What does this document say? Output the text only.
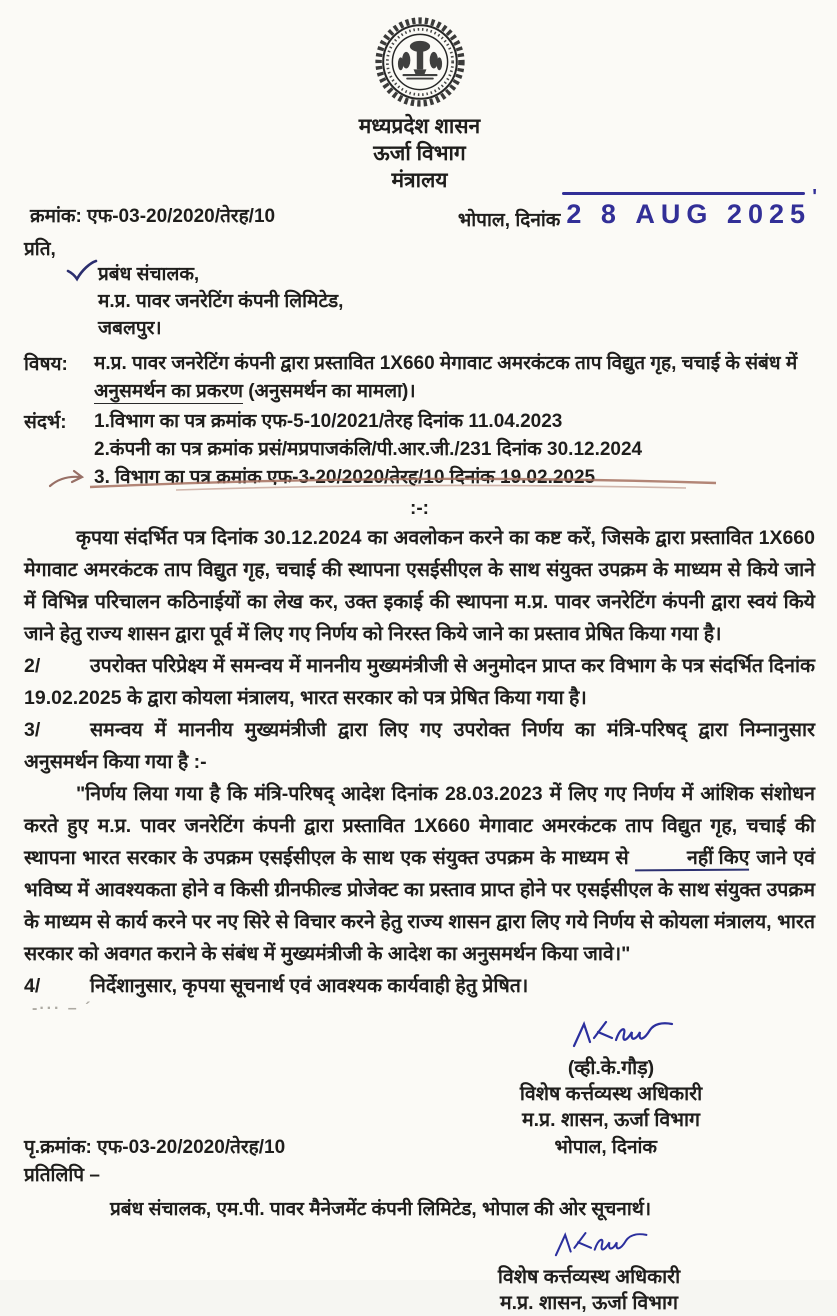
मध्यप्रदेश शासन
ऊर्जा विभाग
मंत्रालय
क्रमांक: एफ-03-20/2020/तेरह/10	भोपाल, दिनांक 2 8 AUG 2025
'
प्रति,
प्रबंध संचालक,
म.प्र. पावर जनरेटिंग कंपनी लिमिटेड,
जबलपुर।
विषय:	म.प्र. पावर जनरेटिंग कंपनी द्वारा प्रस्तावित 1X660 मेगावाट अमरकंटक ताप विद्युत गृह, चचाई के संबंध में अनुसमर्थन का प्रकरण (अनुसमर्थन का मामला)।
संदर्भ:	1.विभाग का पत्र क्रमांक एफ-5-10/2021/तेरह दिनांक 11.04.2023
2.कंपनी का पत्र क्रमांक प्रसं/मप्रपाजकंलि/पी.आर.जी./231 दिनांक 30.12.2024
3. विभाग का पत्र क्रमांक एफ-3-20/2020/तेरह/10 दिनांक 19.02.2025
:-:

कृपया संदर्भित पत्र दिनांक 30.12.2024 का अवलोकन करने का कष्ट करें, जिसके द्वारा प्रस्तावित 1X660 मेगावाट अमरकंटक ताप विद्युत गृह, चचाई की स्थापना एसईसीएल के साथ संयुक्त उपक्रम के माध्यम से किये जाने में विभिन्न परिचालन कठिनाईयों का लेख कर, उक्त इकाई की स्थापना म.प्र. पावर जनरेटिंग कंपनी द्वारा स्वयं किये जाने हेतु राज्य शासन द्वारा पूर्व में लिए गए निर्णय को निरस्त किये जाने का प्रस्ताव प्रेषित किया गया है।

2/	उपरोक्त परिप्रेक्ष्य में समन्वय में माननीय मुख्यमंत्रीजी से अनुमोदन प्राप्त कर विभाग के पत्र संदर्भित दिनांक 19.02.2025 के द्वारा कोयला मंत्रालय, भारत सरकार को पत्र प्रेषित किया गया है।

3/	समन्वय में माननीय मुख्यमंत्रीजी द्वारा लिए गए उपरोक्त निर्णय का मंत्रि-परिषद् द्वारा निम्नानुसार अनुसमर्थन किया गया है :-

"निर्णय लिया गया है कि मंत्रि-परिषद् आदेश दिनांक 28.03.2023 में लिए गए निर्णय में आंशिक संशोधन करते हुए म.प्र. पावर जनरेटिंग कंपनी द्वारा प्रस्तावित 1X660 मेगावाट अमरकंटक ताप विद्युत गृह, चचाई की स्थापना भारत सरकार के उपक्रम एसईसीएल के साथ एक संयुक्त उपक्रम के माध्यम से	नहीं किए जाने एवं भविष्य में आवश्यकता होने व किसी ग्रीनफील्ड प्रोजेक्ट का प्रस्ताव प्राप्त होने पर एसईसीएल के साथ संयुक्त उपक्रम के माध्यम से कार्य करने पर नए सिरे से विचार करने हेतु राज्य शासन द्वारा लिए गये निर्णय से कोयला मंत्रालय, भारत सरकार को अवगत कराने के संबंध में मुख्यमंत्रीजी के आदेश का अनुसमर्थन किया जावे।"

4/	निर्देशानुसार, कृपया सूचनार्थ एवं आवश्यक कार्यवाही हेतु प्रेषित।

-··· – ´
(व्ही.के.गौड़)
विशेष कर्त्तव्यस्थ अधिकारी
म.प्र. शासन, ऊर्जा विभाग
पृ.क्रमांक: एफ-03-20/2020/तेरह/10	भोपाल, दिनांक
प्रतिलिपि –
प्रबंध संचालक, एम.पी. पावर मैनेजमेंट कंपनी लिमिटेड, भोपाल की ओर सूचनार्थ।
विशेष कर्त्तव्यस्थ अधिकारी
म.प्र. शासन, ऊर्जा विभाग
